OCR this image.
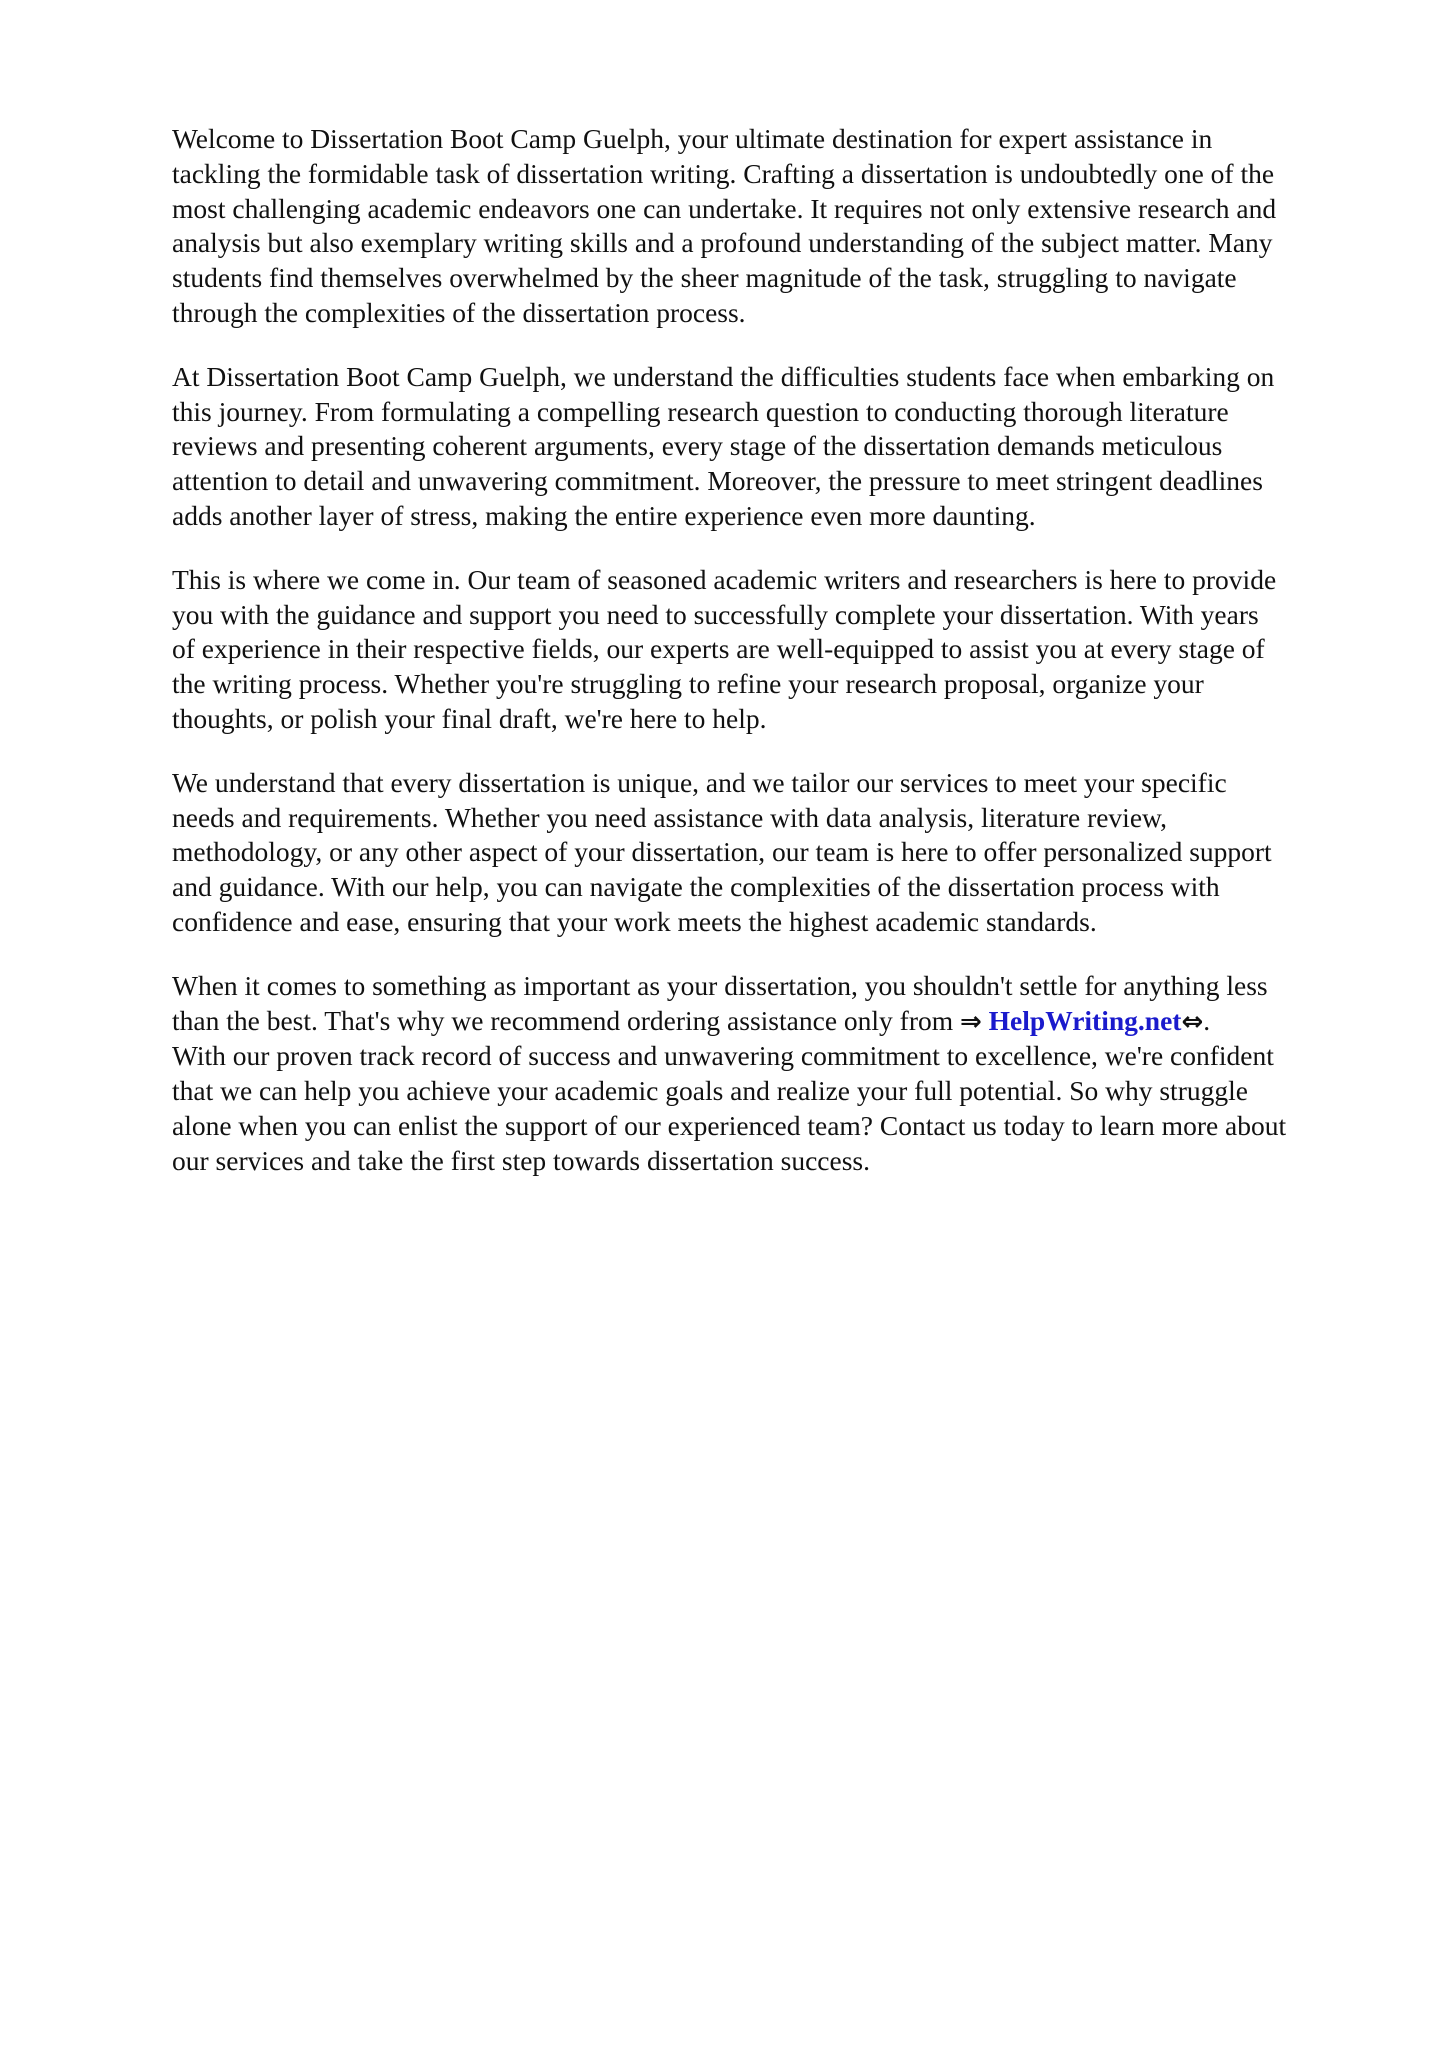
Welcome to Dissertation Boot Camp Guelph, your ultimate destination for expert assistance in
tackling the formidable task of dissertation writing. Crafting a dissertation is undoubtedly one of the
most challenging academic endeavors one can undertake. It requires not only extensive research and
analysis but also exemplary writing skills and a profound understanding of the subject matter. Many
students find themselves overwhelmed by the sheer magnitude of the task, struggling to navigate
through the complexities of the dissertation process.

At Dissertation Boot Camp Guelph, we understand the difficulties students face when embarking on
this journey. From formulating a compelling research question to conducting thorough literature
reviews and presenting coherent arguments, every stage of the dissertation demands meticulous
attention to detail and unwavering commitment. Moreover, the pressure to meet stringent deadlines
adds another layer of stress, making the entire experience even more daunting.

This is where we come in. Our team of seasoned academic writers and researchers is here to provide
you with the guidance and support you need to successfully complete your dissertation. With years
of experience in their respective fields, our experts are well-equipped to assist you at every stage of
the writing process. Whether you're struggling to refine your research proposal, organize your
thoughts, or polish your final draft, we're here to help.

We understand that every dissertation is unique, and we tailor our services to meet your specific
needs and requirements. Whether you need assistance with data analysis, literature review,
methodology, or any other aspect of your dissertation, our team is here to offer personalized support
and guidance. With our help, you can navigate the complexities of the dissertation process with
confidence and ease, ensuring that your work meets the highest academic standards.

When it comes to something as important as your dissertation, you shouldn't settle for anything less
than the best. That's why we recommend ordering assistance only from ⇒ HelpWriting.net⇔.
With our proven track record of success and unwavering commitment to excellence, we're confident
that we can help you achieve your academic goals and realize your full potential. So why struggle
alone when you can enlist the support of our experienced team? Contact us today to learn more about
our services and take the first step towards dissertation success.
